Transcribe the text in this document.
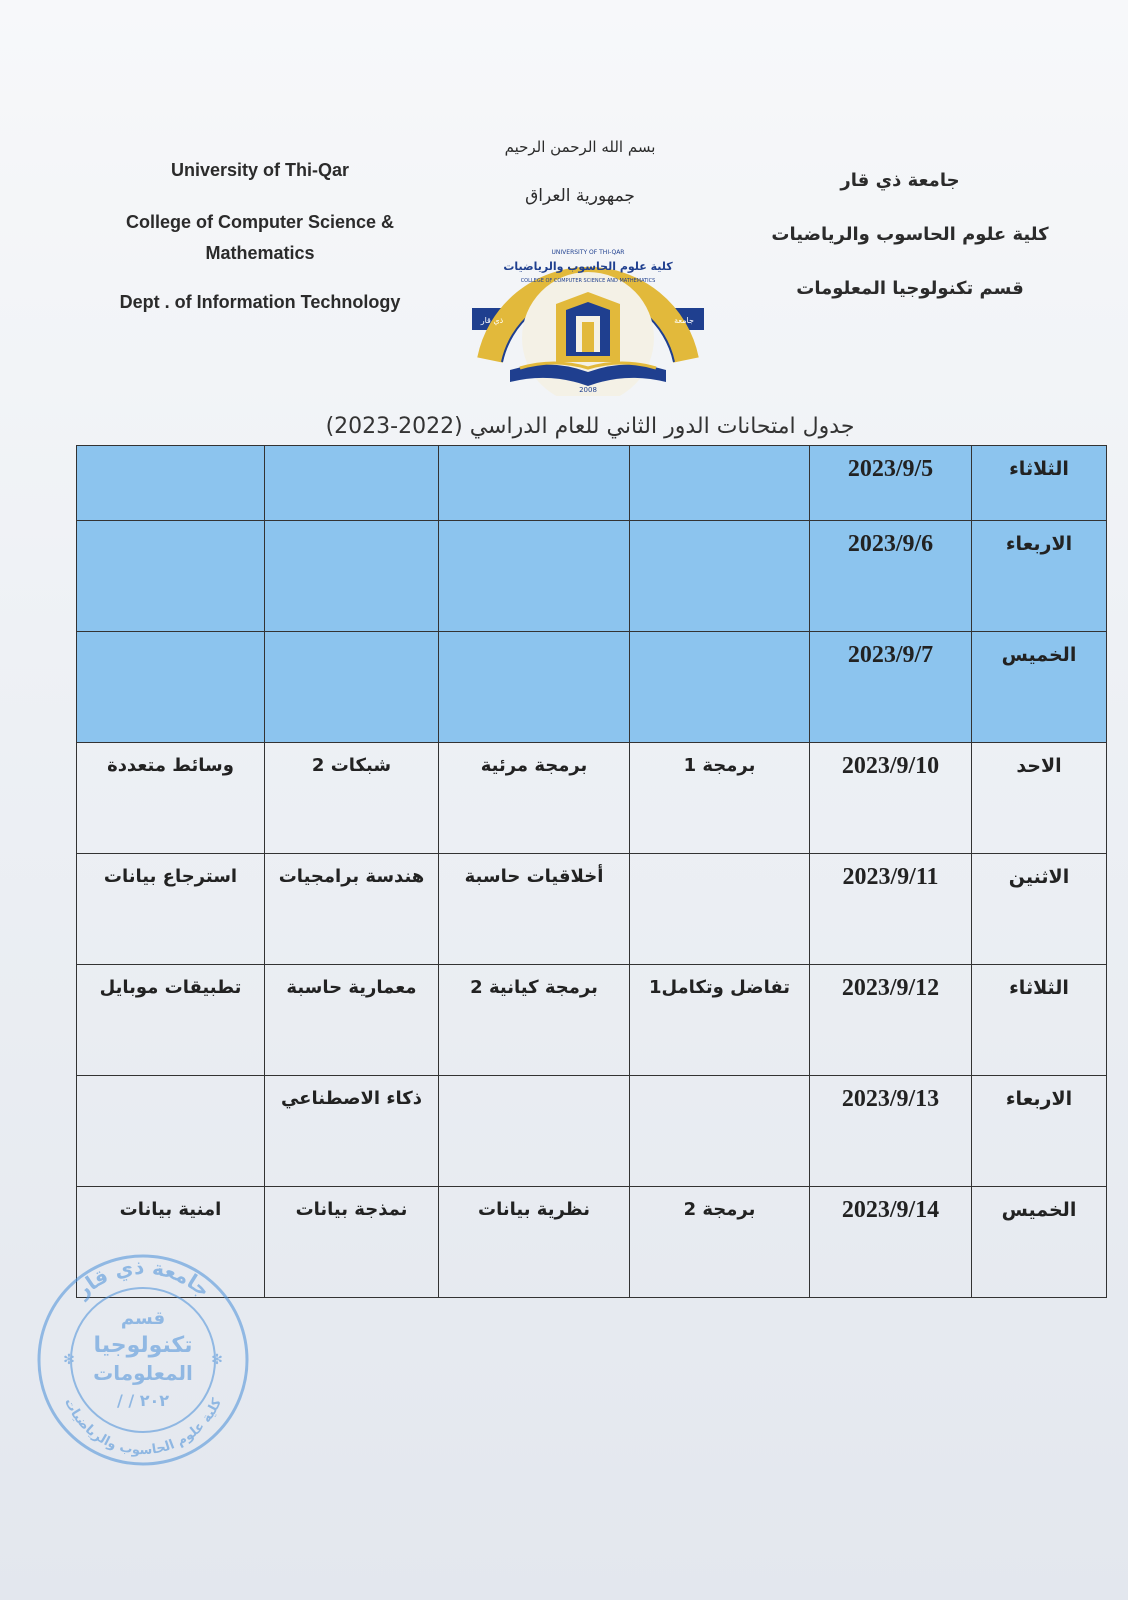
بسم الله الرحمن الرحيم
جمهورية العراق
University of Thi-Qar
College of Computer Science &
Mathematics
Dept . of Information Technology
جامعة ذي قار
كلية علوم الحاسوب والرياضيات
قسم تكنولوجيا المعلومات
UNIVERSITY OF THI-QAR
كلية علوم الحاسوب والرياضيات
COLLEGE OF COMPUTER SCIENCE AND MATHEMATICS
ذي قار	جامعة
2008
جدول امتحانات الدور الثاني للعام الدراسي (2022-2023)
الثلاثاء	2023/9/5				
الاربعاء	2023/9/6				
الخميس	2023/9/7				
الاحد	2023/9/10	برمجة 1	برمجة مرئية	شبكات 2	وسائط متعددة
الاثنين	2023/9/11		أخلاقيات حاسبة	هندسة برامجيات	استرجاع بيانات
الثلاثاء	2023/9/12	تفاضل وتكامل1	برمجة كيانية 2	معمارية حاسبة	تطبيقات موبايل
الاربعاء	2023/9/13			ذكاء الاصطناعي	
الخميس	2023/9/14	برمجة 2	نظرية بيانات	نمذجة بيانات	امنية بيانات
جامعة ذي قار
كلية علوم الحاسوب والرياضيات
قسم
تكنولوجيا
المعلومات
/ / ٢٠٢
✻	✻
